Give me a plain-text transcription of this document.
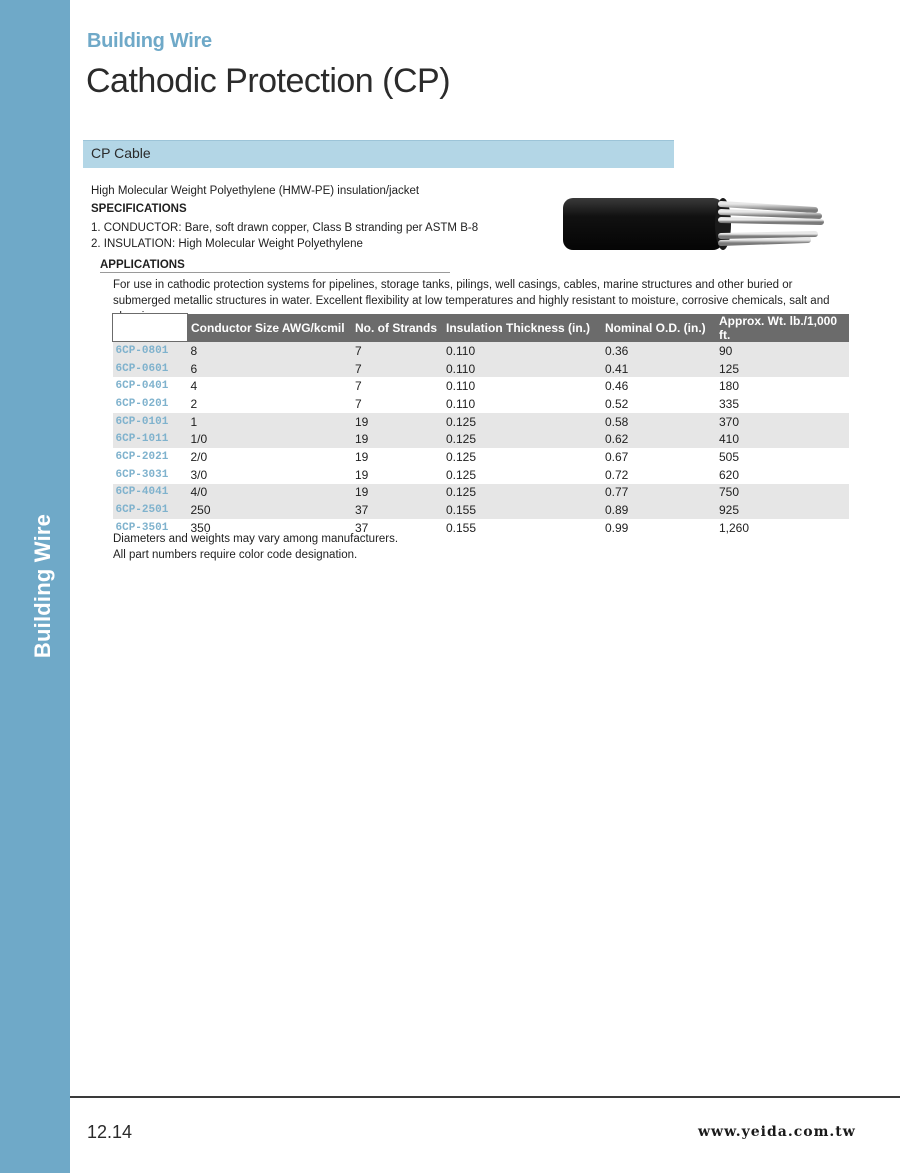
Building Wire
Building Wire
Cathodic Protection (CP)
CP Cable
High Molecular Weight Polyethylene (HMW-PE) insulation/jacket
SPECIFICATIONS
1. CONDUCTOR: Bare, soft drawn copper, Class B stranding per ASTM B-8
2. INSULATION: High Molecular Weight Polyethylene
APPLICATIONS
For use in cathodic protection systems for pipelines, storage tanks, pilings, well casings, cables, marine structures and other buried or submerged metallic structures in water. Excellent flexibility at low temperatures and highly resistant to moisture, corrosive chemicals, salt and
	Conductor Size AWG/kcmil	No. of Strands	Insulation Thickness (in.)	Nominal O.D. (in.)	Approx. Wt. lb./1,000 ft.
6CP-0801	8	7	0.110	0.36	90
6CP-0601	6	7	0.110	0.41	125
6CP-0401	4	7	0.110	0.46	180
6CP-0201	2	7	0.110	0.52	335
6CP-0101	1	19	0.125	0.58	370
6CP-1011	1/0	19	0.125	0.62	410
6CP-2021	2/0	19	0.125	0.67	505
6CP-3031	3/0	19	0.125	0.72	620
6CP-4041	4/0	19	0.125	0.77	750
6CP-2501	250	37	0.155	0.89	925
6CP-3501	350	37	0.155	0.99	1,260
Diameters and weights may vary among manufacturers.
All part numbers require color code designation.
12.14	www.yeida.com.tw
